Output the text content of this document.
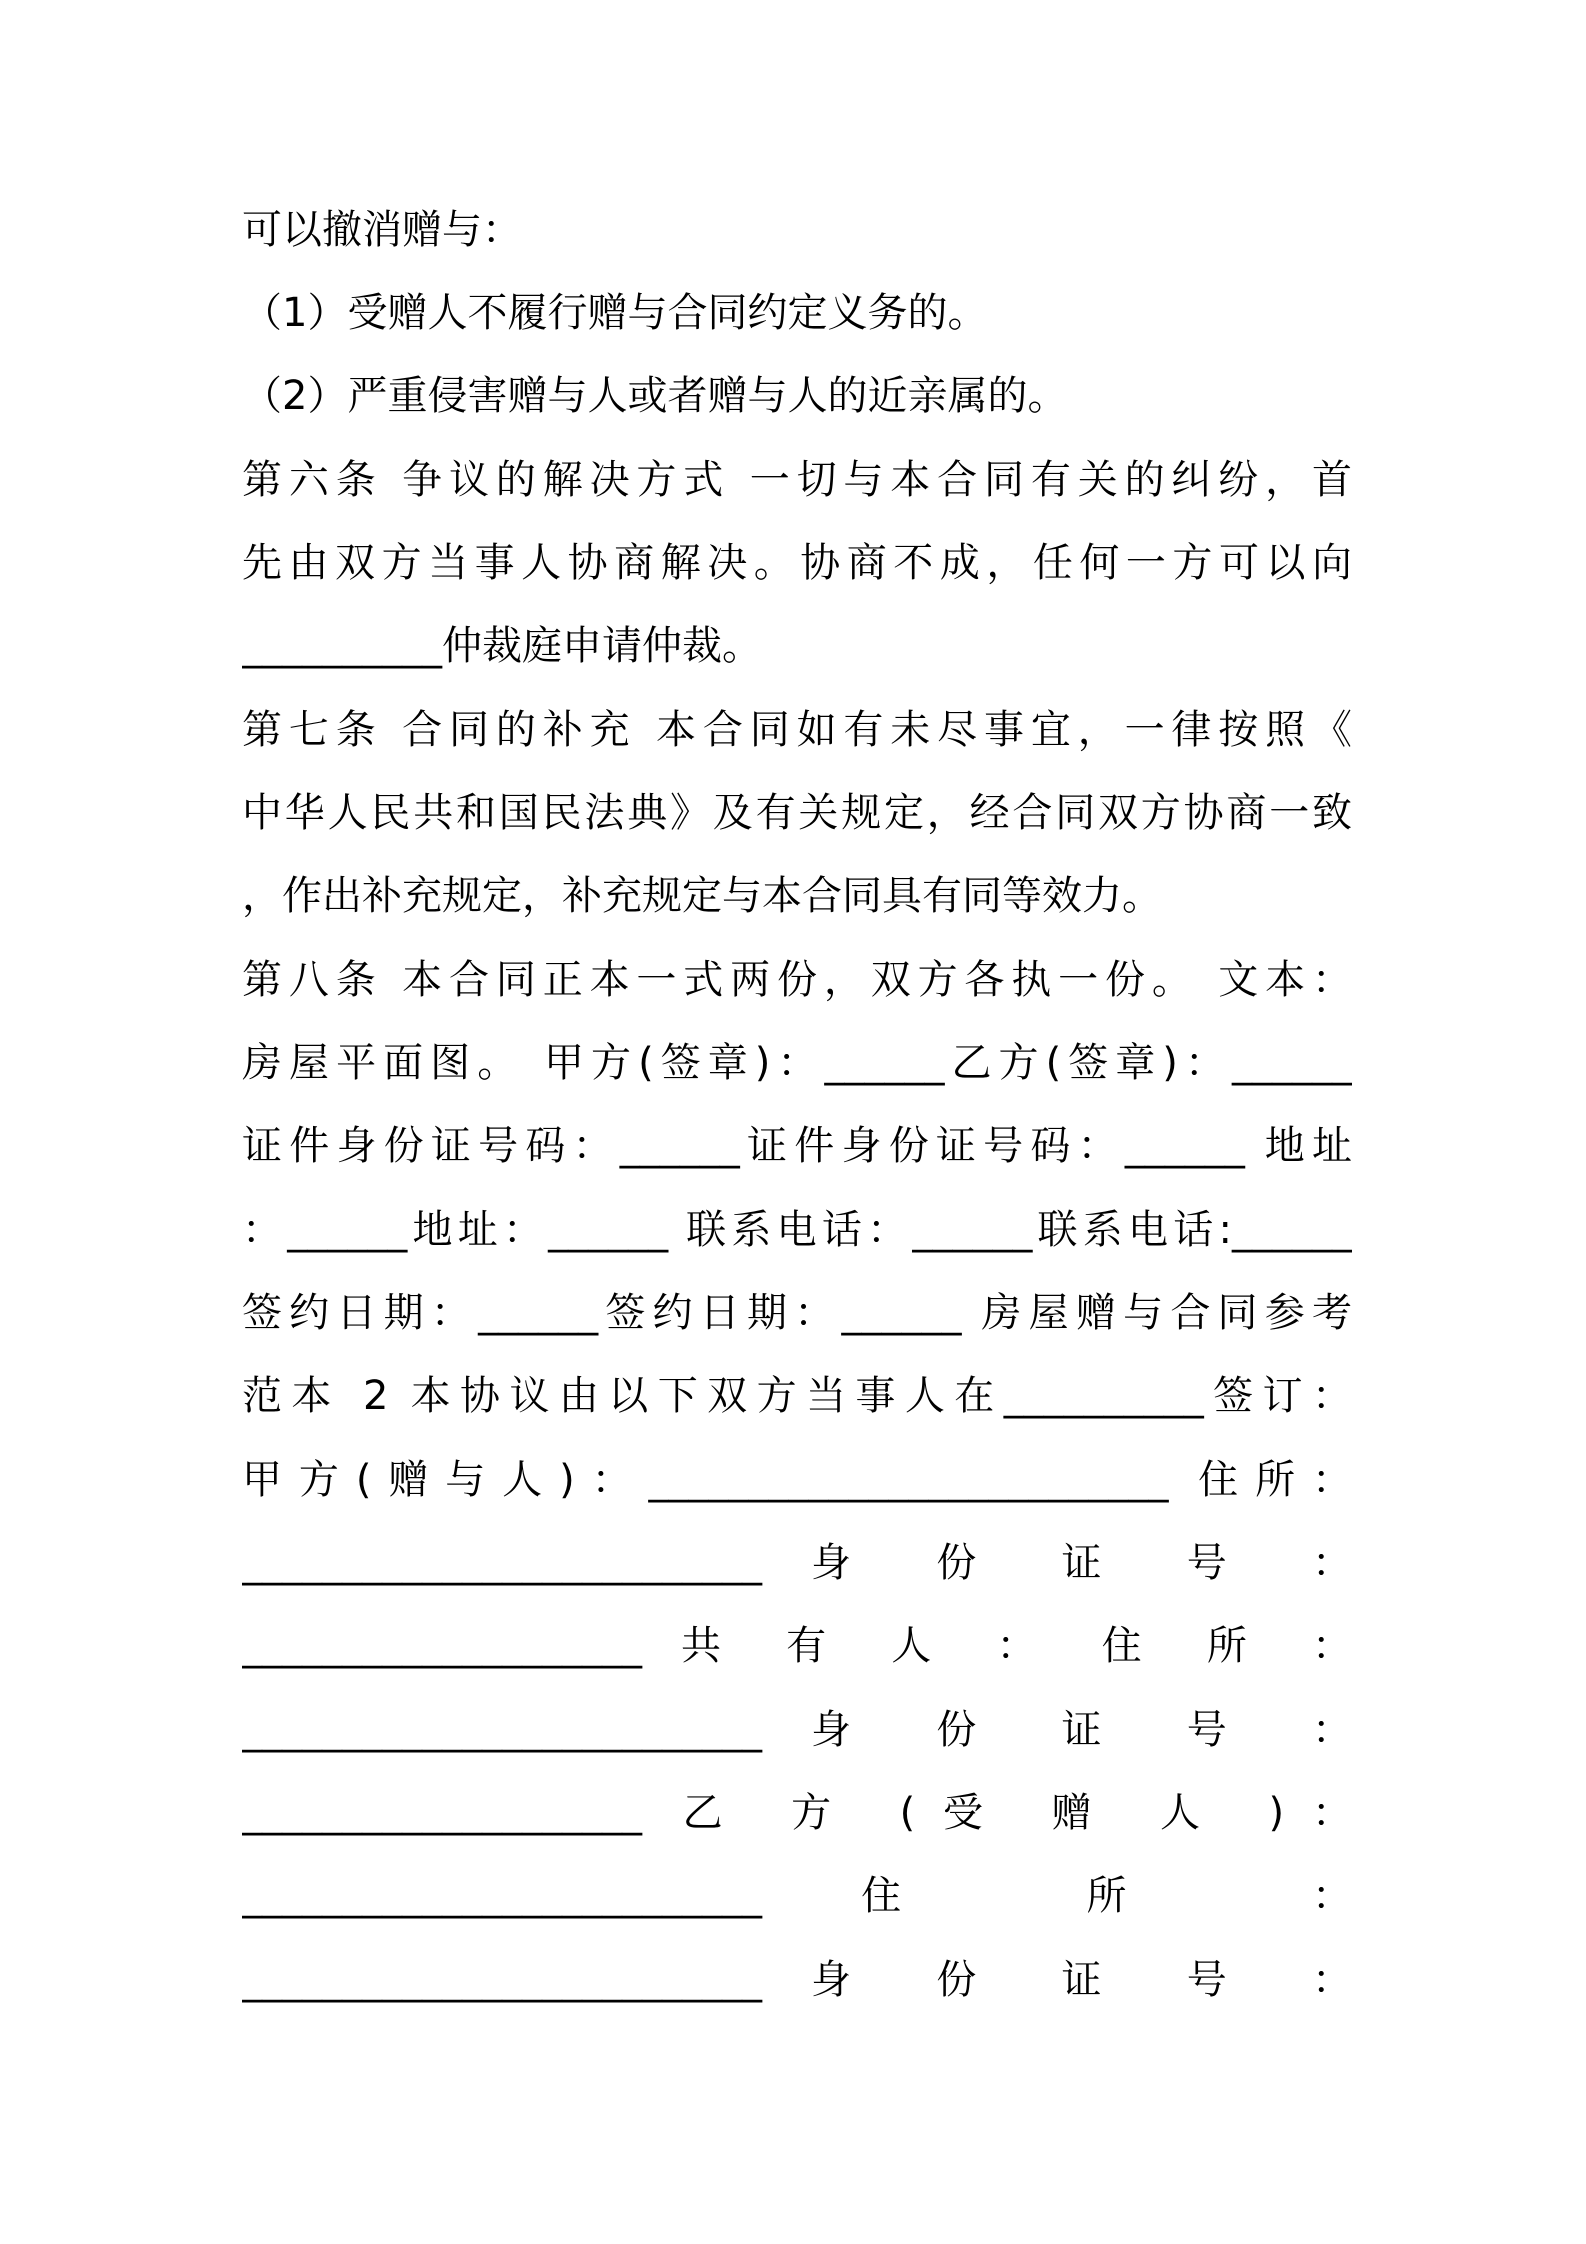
可以撤消赠与：
（1）受赠人不履行赠与合同约定义务的。
（2）严重侵害赠与人或者赠与人的近亲属的。
第六条 争议的解决方式 一切与本合同有关的纠纷，首
先由双方当事人协商解决。协商不成，任何一方可以向
__________仲裁庭申请仲裁。
第七条 合同的补充 本合同如有未尽事宜，一律按照《
中华人民共和国民法典》及有关规定，经合同双方协商一致
，作出补充规定，补充规定与本合同具有同等效力。
第八条 本合同正本一式两份，双方各执一份。 文本：
房屋平面图。 甲方(签章)：______乙方(签章)：______
证件身份证号码：______证件身份证号码：______ 地址
：______地址：______ 联系电话：______联系电话:______
签约日期：______签约日期：______ 房屋赠与合同参考
范本 2 本协议由以下双方当事人在__________签订：
甲方(赠与人)：__________________________ 住所：
__________________________ 身 份 证 号 ：
____________________ 共 有 人 ： 住 所 ：
__________________________ 身 份 证 号 ：
____________________ 乙 方 (受 赠 人 )：
__________________________ 住 所 ：
__________________________ 身 份 证 号 ：
